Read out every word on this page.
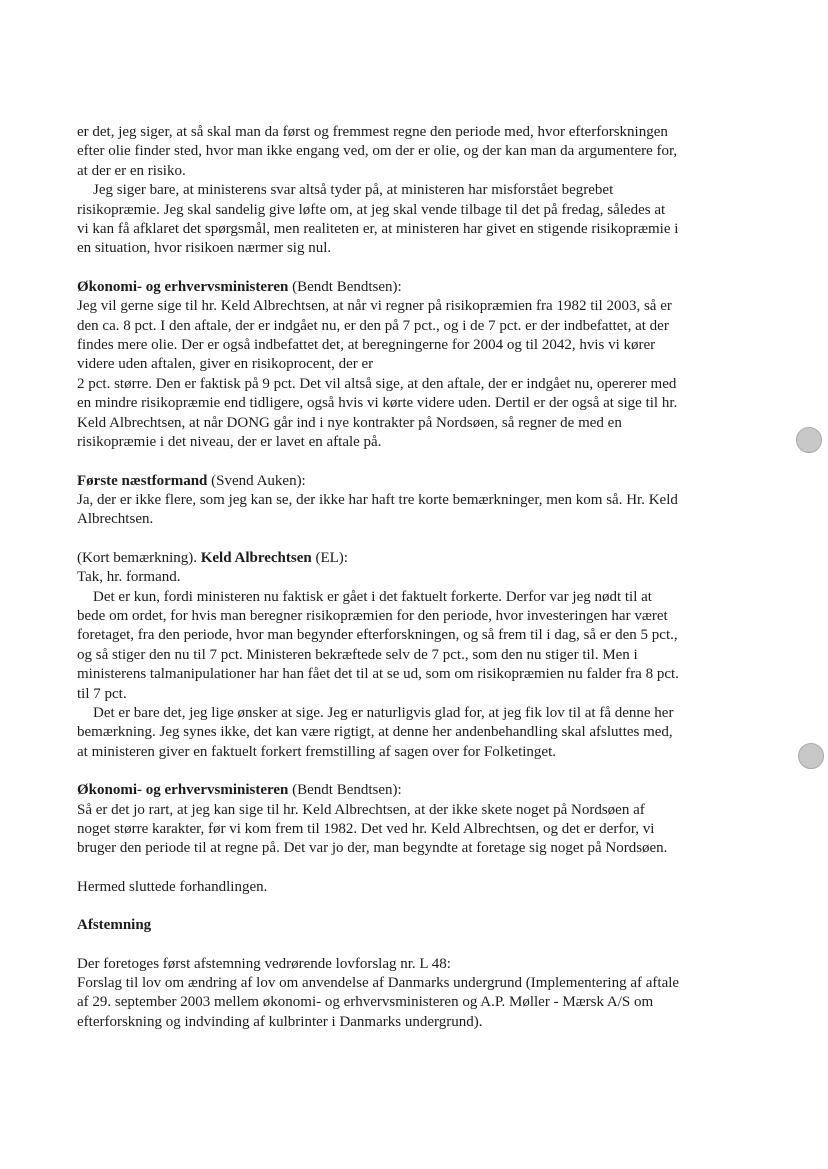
er det, jeg siger, at så skal man da først og fremmest regne den periode med, hvor efterforskningen
efter olie finder sted, hvor man ikke engang ved, om der er olie, og der kan man da argumentere for,
at der er en risiko.
Jeg siger bare, at ministerens svar altså tyder på, at ministeren har misforstået begrebet
risikopræmie. Jeg skal sandelig give løfte om, at jeg skal vende tilbage til det på fredag, således at
vi kan få afklaret det spørgsmål, men realiteten er, at ministeren har givet en stigende risikopræmie i
en situation, hvor risikoen nærmer sig nul.
Økonomi- og erhvervsministeren (Bendt Bendtsen):
Jeg vil gerne sige til hr. Keld Albrechtsen, at når vi regner på risikopræmien fra 1982 til 2003, så er
den ca. 8 pct. I den aftale, der er indgået nu, er den på 7 pct., og i de 7 pct. er der indbefattet, at der
findes mere olie. Der er også indbefattet det, at beregningerne for 2004 og til 2042, hvis vi kører
videre uden aftalen, giver en risikoprocent, der er
2 pct. større. Den er faktisk på 9 pct. Det vil altså sige, at den aftale, der er indgået nu, opererer med
en mindre risikopræmie end tidligere, også hvis vi kørte videre uden. Dertil er der også at sige til hr.
Keld Albrechtsen, at når DONG går ind i nye kontrakter på Nordsøen, så regner de med en
risikopræmie i det niveau, der er lavet en aftale på.
Første næstformand (Svend Auken):
Ja, der er ikke flere, som jeg kan se, der ikke har haft tre korte bemærkninger, men kom så. Hr. Keld
Albrechtsen.
(Kort bemærkning). Keld Albrechtsen (EL):
Tak, hr. formand.
Det er kun, fordi ministeren nu faktisk er gået i det faktuelt forkerte. Derfor var jeg nødt til at
bede om ordet, for hvis man beregner risikopræmien for den periode, hvor investeringen har været
foretaget, fra den periode, hvor man begynder efterforskningen, og så frem til i dag, så er den 5 pct.,
og så stiger den nu til 7 pct. Ministeren bekræftede selv de 7 pct., som den nu stiger til. Men i
ministerens talmanipulationer har han fået det til at se ud, som om risikopræmien nu falder fra 8 pct.
til 7 pct.
Det er bare det, jeg lige ønsker at sige. Jeg er naturligvis glad for, at jeg fik lov til at få denne her
bemærkning. Jeg synes ikke, det kan være rigtigt, at denne her andenbehandling skal afsluttes med,
at ministeren giver en faktuelt forkert fremstilling af sagen over for Folketinget.
Økonomi- og erhvervsministeren (Bendt Bendtsen):
Så er det jo rart, at jeg kan sige til hr. Keld Albrechtsen, at der ikke skete noget på Nordsøen af
noget større karakter, før vi kom frem til 1982. Det ved hr. Keld Albrechtsen, og det er derfor, vi
bruger den periode til at regne på. Det var jo der, man begyndte at foretage sig noget på Nordsøen.
Hermed sluttede forhandlingen.
Afstemning
Der foretoges først afstemning vedrørende lovforslag nr. L 48:
Forslag til lov om ændring af lov om anvendelse af Danmarks undergrund (Implementering af aftale
af 29. september 2003 mellem økonomi- og erhvervsministeren og A.P. Møller - Mærsk A/S om
efterforskning og indvinding af kulbrinter i Danmarks undergrund).
